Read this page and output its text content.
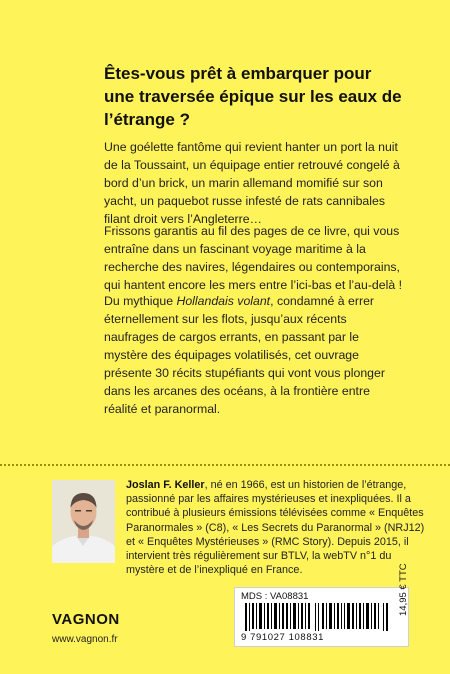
Êtes-vous prêt à embarquer pour une traversée épique sur les eaux de l’étrange ?
Une goélette fantôme qui revient hanter un port la nuit de la Toussaint, un équipage entier retrouvé congelé à bord d’un brick, un marin allemand momifié sur son yacht, un paquebot russe infesté de rats cannibales filant droit vers l’Angleterre…
Frissons garantis au fil des pages de ce livre, qui vous entraîne dans un fascinant voyage maritime à la recherche des navires, légendaires ou contemporains, qui hantent encore les mers entre l’ici-bas et l’au-delà !
Du mythique Hollandais volant, condamné à errer éternellement sur les flots, jusqu’aux récents naufrages de cargos errants, en passant par le mystère des équipages volatilisés, cet ouvrage présente 30 récits stupéfiants qui vont vous plonger dans les arcanes des océans, à la frontière entre réalité et paranormal.
Joslan F. Keller, né en 1966, est un historien de l’étrange, passionné par les affaires mystérieuses et inexpliquées. Il a contribué à plusieurs émissions télévisées comme « Enquêtes Paranormales » (C8), « Les Secrets du Paranormal » (NRJ12) et « Enquêtes Mystérieuses » (RMC Story). Depuis 2015, il intervient très régulièrement sur BTLV, la webTV n°1 du mystère et de l’inexpliqué en France.
VAGNON
www.vagnon.fr
MDS : VA08831
9 791027 108831
14,95 € TTC
